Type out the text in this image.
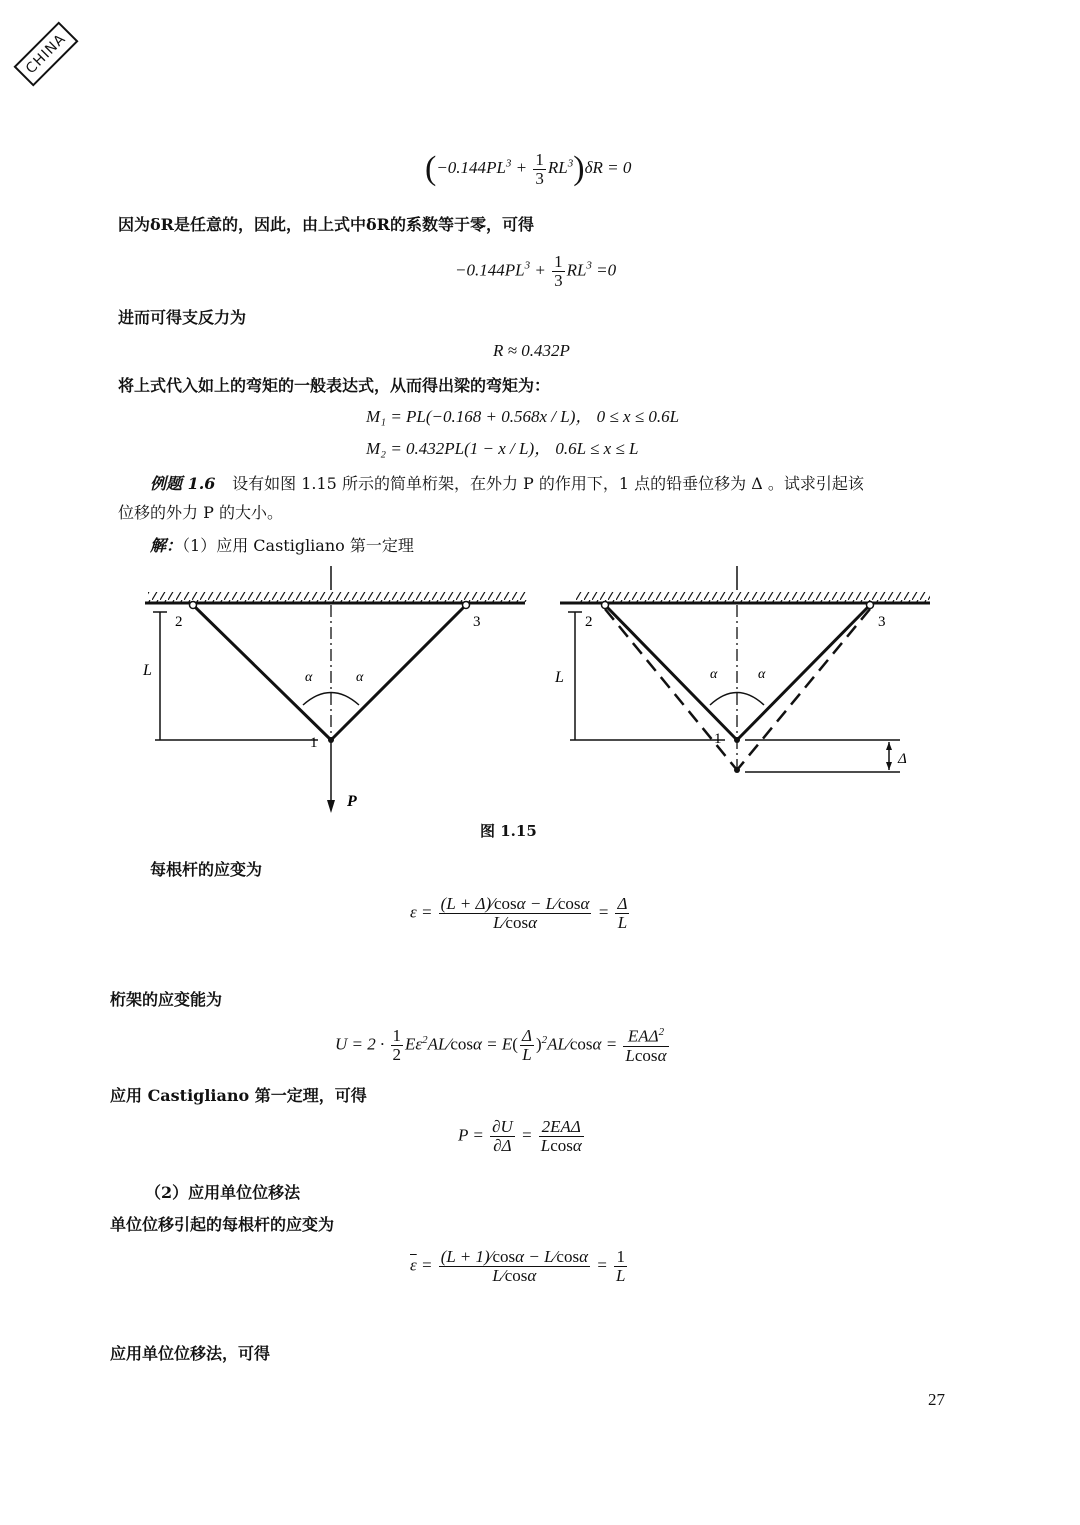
CHINA
$(-0.144PL^3 + \frac{1}{3} RL^3)\delta R = 0$
因为δR是任意的，因此，由上式中δR的系数等于零，可得
$-0.144PL^3 + \frac{1}{3} RL^3 =0$
进而可得支反力为
R ≈ 0.432P
将上式代入如上的弯矩的一般表达式，从而得出梁的弯矩为：
M₁ = PL(−0.168 + 0.568x / L)， 0 ≤ x ≤ 0.6L
M₂ = 0.432PL(1 − x / L)， 0.6L ≤ x ≤ L
例题 1.6 设有如图 1.15 所示的简单桁架，在外力 P 的作用下，1 点的铅垂位移为 Δ 。试求引起该
位移的外力 P 的大小。
解：（1）应用 Castigliano 第一定理
2	3
1
L	α	α
P
2	3
1
L	α	α
Δ
图 1.15
每根杆的应变为
$\varepsilon = \frac{(L + \Delta)⁄\cos\alpha - L⁄\cos\alpha}{L⁄\cos\alpha} = \frac{\Delta}{L}$
桁架的应变能为
$U = 2 \cdot \frac{1}{2}$ $E\varepsilon^2AL⁄\cos\alpha = E( \frac{\Delta}{L}$ )$^2AL⁄\cos\alpha = \frac{EA\Delta^2}{Lcos\alpha}$
应用 Castigliano 第一定理，可得
$P = \frac{\partial U}{\partial\Delta} = \frac{\text{2EAΔ}}{Lcos\alpha}$
（2）应用单位位移法
单位位移引起的每根杆的应变为
$\overline{\varepsilon} = \frac{(L + 1)⁄\cos\alpha - L⁄\cos\alpha}{L⁄\cos\alpha} = \frac{1}{L}$
应用单位位移法，可得
27
